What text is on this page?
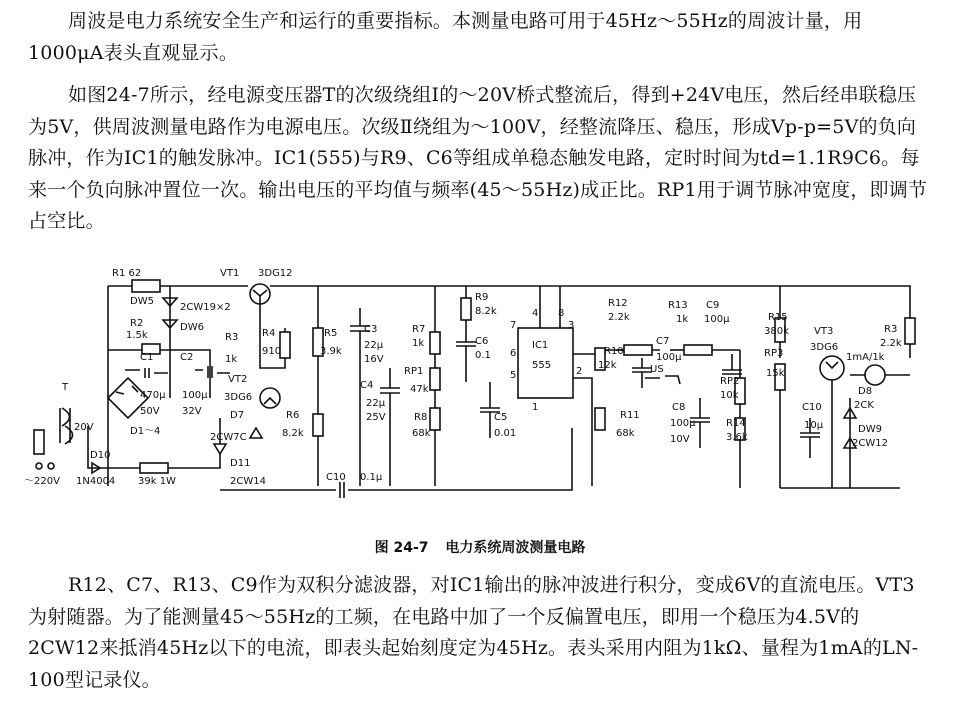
周波是电力系统安全生产和运行的重要指标。本测量电路可用于45Hz～55Hz的周波计量，用1000μA表头直观显示。
如图24-7所示，经电源变压器T的次级绕组Ⅰ的～20V桥式整流后，得到+24V电压，然后经串联稳压为5V，供周波测量电路作为电源电压。次级Ⅱ绕组为～100V，经整流降压、稳压，形成Vp-p=5V的负向脉冲，作为IC1的触发脉冲。IC1(555)与R9、C6等组成单稳态触发电路，定时时间为td=1.1R9C6。每来一个负向脉冲置位一次。输出电压的平均值与频率(45～55Hz)成正比。RP1用于调节脉冲宽度，即调节占空比。
R1 62	VT1 3DG12
DW5
2CW19×2
DW6
R2
1.5k
C1	C2
470μ
50V
100μ
32V
R3
1k
R4
910
VT2
3DG6
D7
2CW7C
R6
8.2k
R5
3.9k
C3
22μ
16V
C4
22μ
25V
T
20V
～220V
D1～4
D10
1N4004 39k 1W
D11
2CW14	C10 0.1μ
R7
1k
RP1
47k
R8
68k
R9
8.2k
C6
0.1
C5
0.01
IC1
555
4 8
7
6
3
5	2
1
R12
2.2k
R13
1k
C9
100μ
R10
12k
R11
68k
C7
100μ
US
C8
100μ
10V
RP2
10k
R14
3.6k
R15
380k
RP3
15k
VT3
3DG6
R3
2.2k
1mA/1k
D8
2CK
DW9
2CW12
C10
10μ
图 24-7 电力系统周波测量电路
R12、C7、R13、C9作为双积分滤波器，对IC1输出的脉冲波进行积分，变成6V的直流电压。VT3为射随器。为了能测量45～55Hz的工频，在电路中加了一个反偏置电压，即用一个稳压为4.5V的2CW12来抵消45Hz以下的电流，即表头起始刻度定为45Hz。表头采用内阻为1kΩ、量程为1mA的LN-100型记录仪。
